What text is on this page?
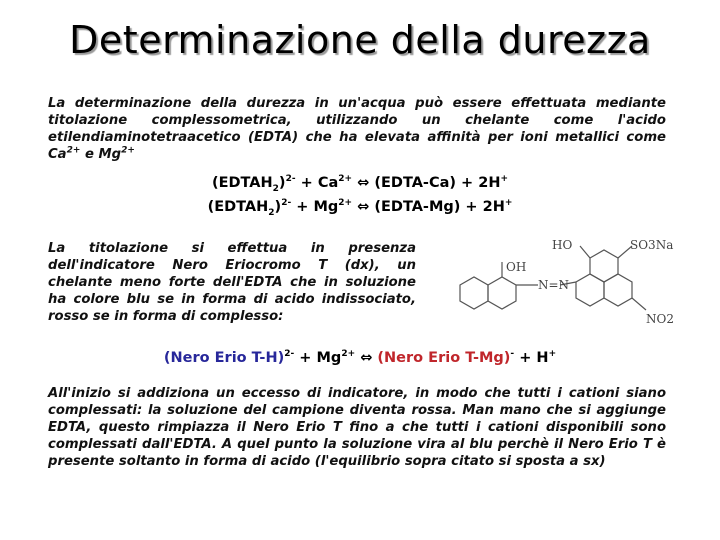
Determinazione della durezza
La determinazione della durezza in un'acqua può essere effettuata mediante titolazione complessometrica, utilizzando un chelante come l'acido etilendiaminotetraacetico (EDTA) che ha elevata affinità per ioni metallici come $Ca^{2+}$ e $Mg^{2+}$
$(EDTAH_2)^{2-} + Ca^{2+}$ ⇔ (EDTA-Ca) + 2H+
$(EDTAH_2)^{2-} + Mg^{2+}$ ⇔ (EDTA-Mg) + 2H+
La titolazione si effettua in presenza dell'indicatore Nero Eriocromo T (dx), un chelante meno forte dell'EDTA che in soluzione ha colore blu se in forma di acido indissociato, rosso se in forma di complesso:
HO	SO3Na
OH
N=N
NO2
(Nero Erio $T-H)^{2-} + Mg^{2+}$ ⇔ (Nero Erio T-Mg)- + H+
All'inizio si addiziona un eccesso di indicatore, in modo che tutti i cationi siano complessati: la soluzione del campione diventa rossa. Man mano che si aggiunge EDTA, questo rimpiazza il Nero Erio T fino a che tutti i cationi disponibili sono complessati dall'EDTA. A quel punto la soluzione vira al blu perchè il Nero Erio T è presente soltanto in forma di acido (l'equilibrio sopra citato si sposta a sx)
